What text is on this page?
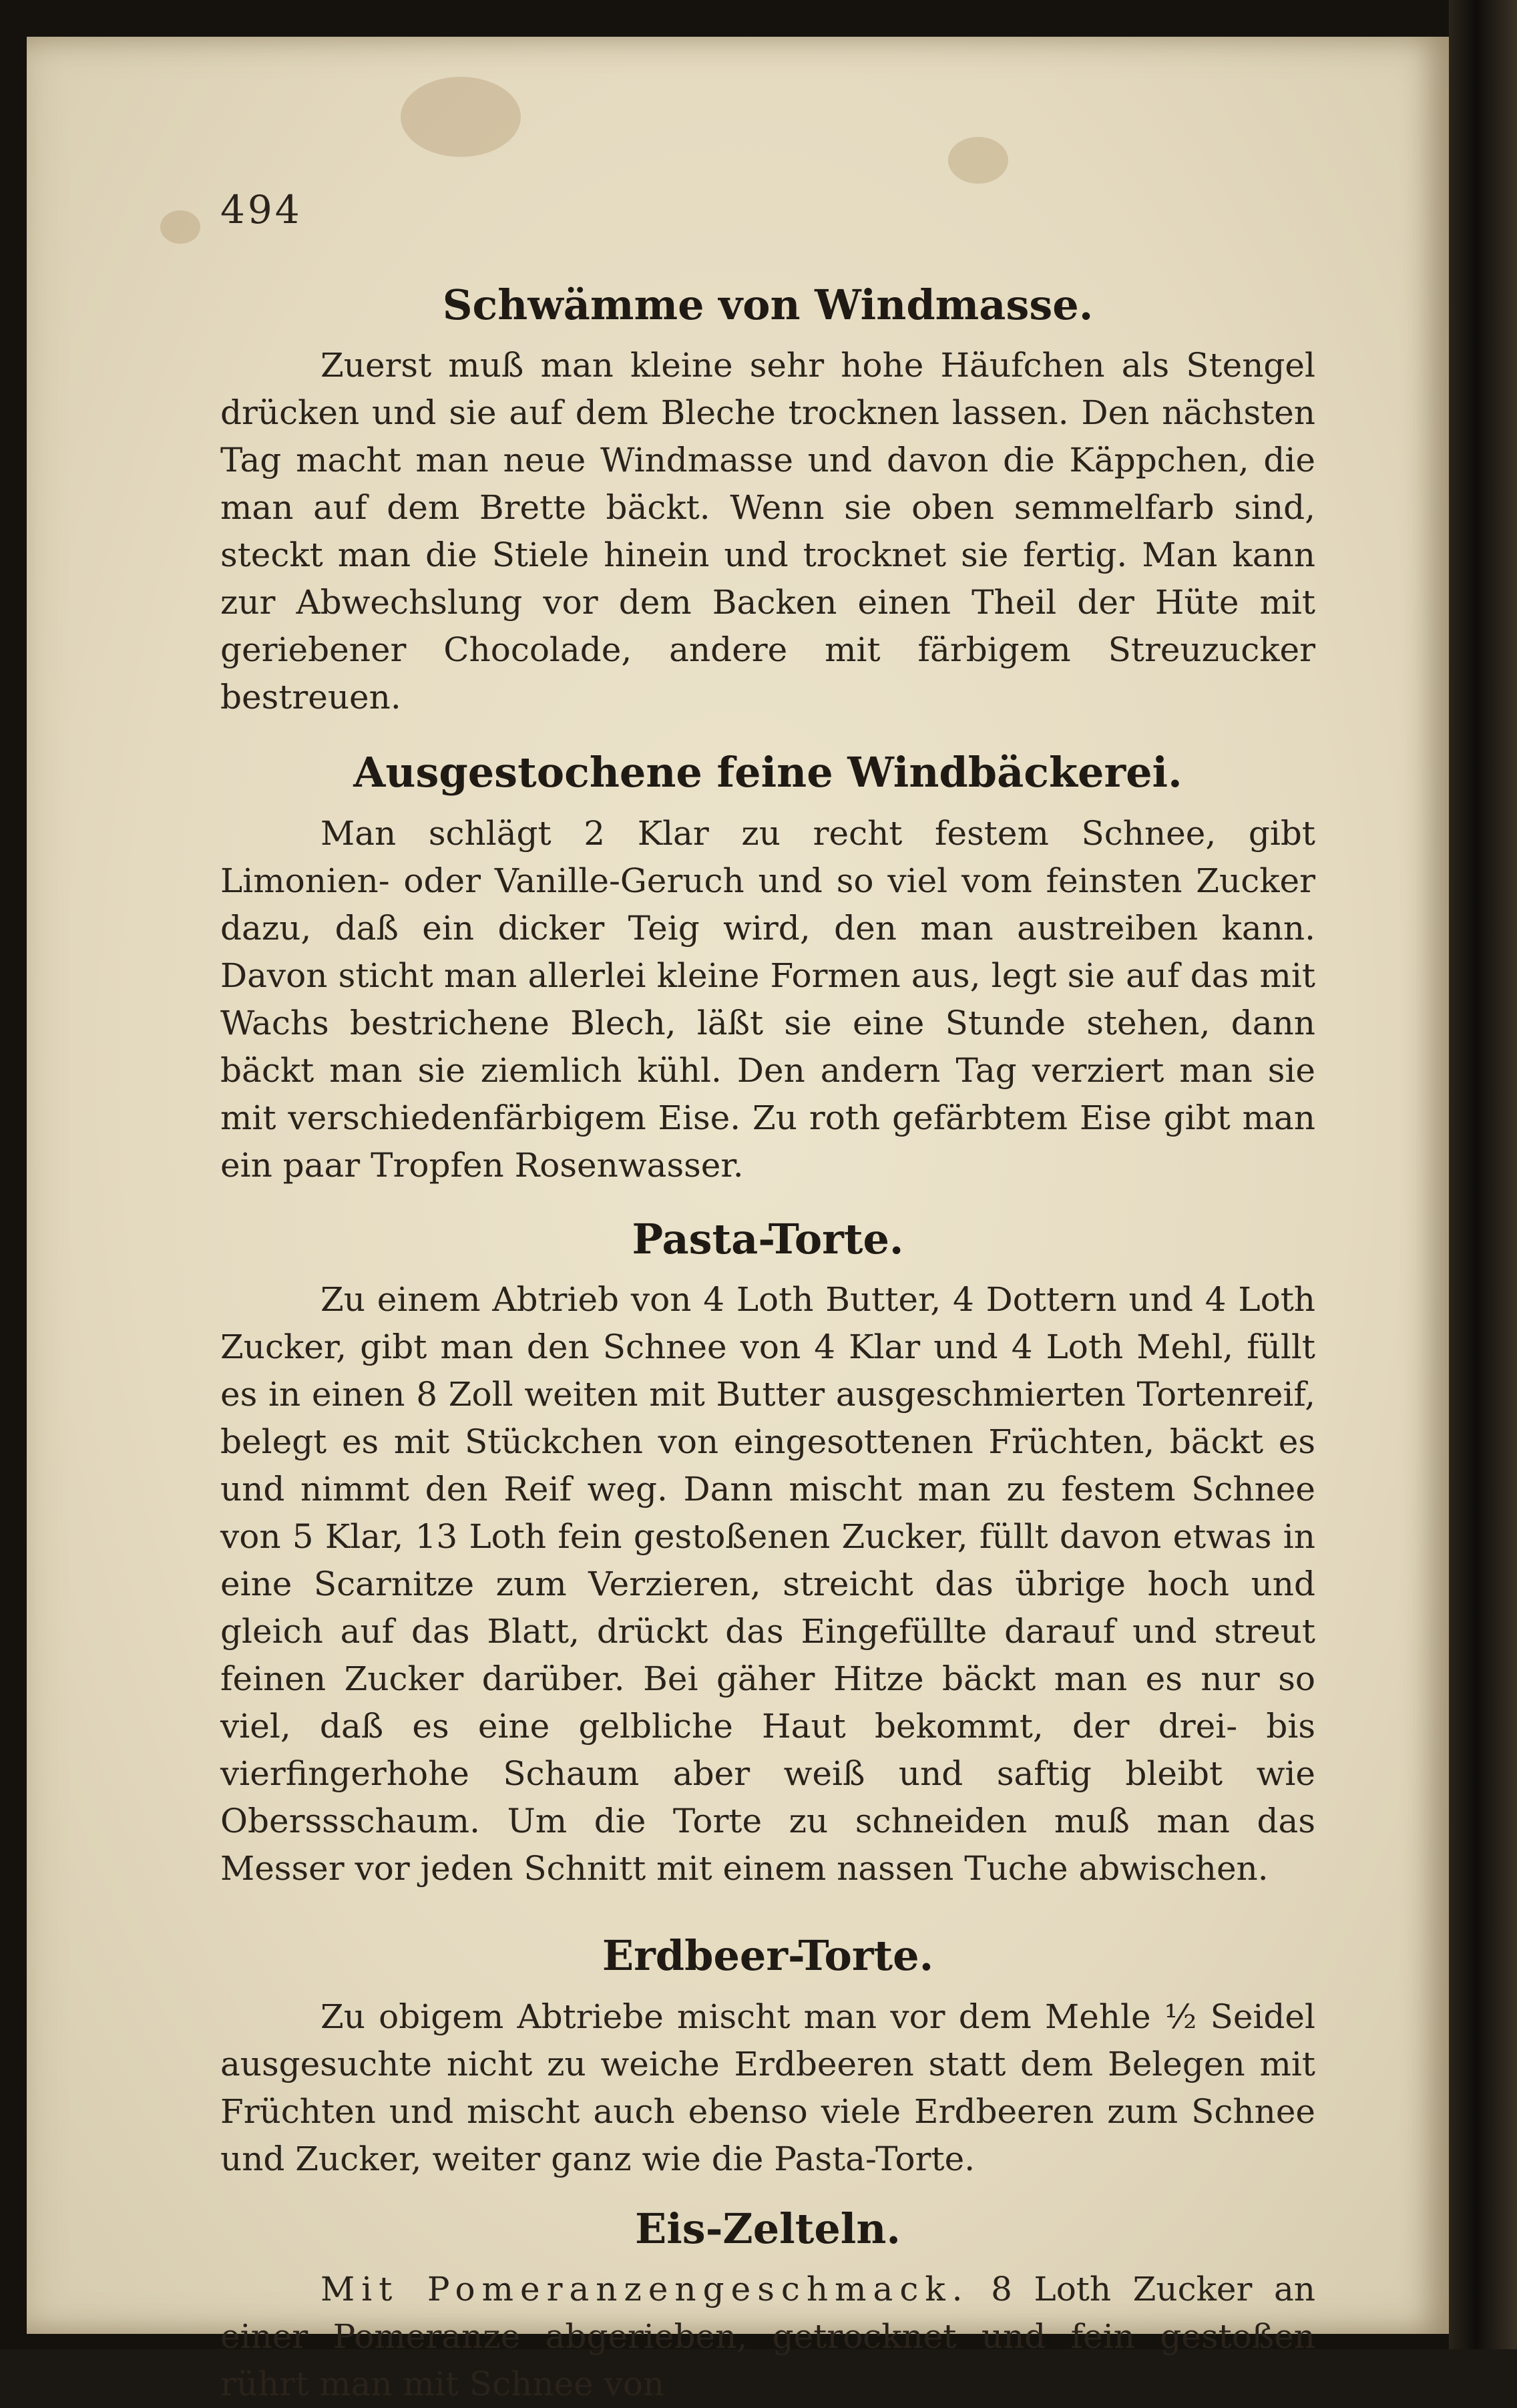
494
Schwämme von Windmasse.

Zuerst muß man kleine sehr hohe Häufchen als Stengel drücken und sie auf dem Bleche trocknen lassen. Den nächsten Tag macht man neue Windmasse und davon die Käppchen, die man auf dem Brette bäckt. Wenn sie oben semmelfarb sind, steckt man die Stiele hinein und trocknet sie fertig. Man kann zur Abwechslung vor dem Backen einen Theil der Hüte mit geriebener Chocolade, andere mit färbigem Streuzucker bestreuen.

Ausgestochene feine Windbäckerei.

Man schlägt 2 Klar zu recht festem Schnee, gibt Limonien- oder Vanille-Geruch und so viel vom feinsten Zucker dazu, daß ein dicker Teig wird, den man austreiben kann. Davon sticht man allerlei kleine Formen aus, legt sie auf das mit Wachs bestrichene Blech, läßt sie eine Stunde stehen, dann bäckt man sie ziemlich kühl. Den andern Tag verziert man sie mit verschiedenfärbigem Eise. Zu roth gefärbtem Eise gibt man ein paar Tropfen Rosenwasser.

Pasta-Torte.

Zu einem Abtrieb von 4 Loth Butter, 4 Dottern und 4 Loth Zucker, gibt man den Schnee von 4 Klar und 4 Loth Mehl, füllt es in einen 8 Zoll weiten mit Butter ausgeschmierten Tortenreif, belegt es mit Stückchen von eingesottenen Früchten, bäckt es und nimmt den Reif weg. Dann mischt man zu festem Schnee von 5 Klar, 13 Loth fein gestoßenen Zucker, füllt davon etwas in eine Scarnitze zum Verzieren, streicht das übrige hoch und gleich auf das Blatt, drückt das Eingefüllte darauf und streut feinen Zucker darüber. Bei gäher Hitze bäckt man es nur so viel, daß es eine gelbliche Haut bekommt, der drei- bis vierfingerhohe Schaum aber weiß und saftig bleibt wie Oberssschaum. Um die Torte zu schneiden muß man das Messer vor jeden Schnitt mit einem nassen Tuche abwischen.

Erdbeer-Torte.

Zu obigem Abtriebe mischt man vor dem Mehle ½ Seidel ausgesuchte nicht zu weiche Erdbeeren statt dem Belegen mit Früchten und mischt auch ebenso viele Erdbeeren zum Schnee und Zucker, weiter ganz wie die Pasta-Torte.

Eis-Zelteln.

Mit Pomeranzengeschmack. 8 Loth Zucker an einer Pomeranze abgerieben, getrocknet und fein gestoßen rührt man mit Schnee von
